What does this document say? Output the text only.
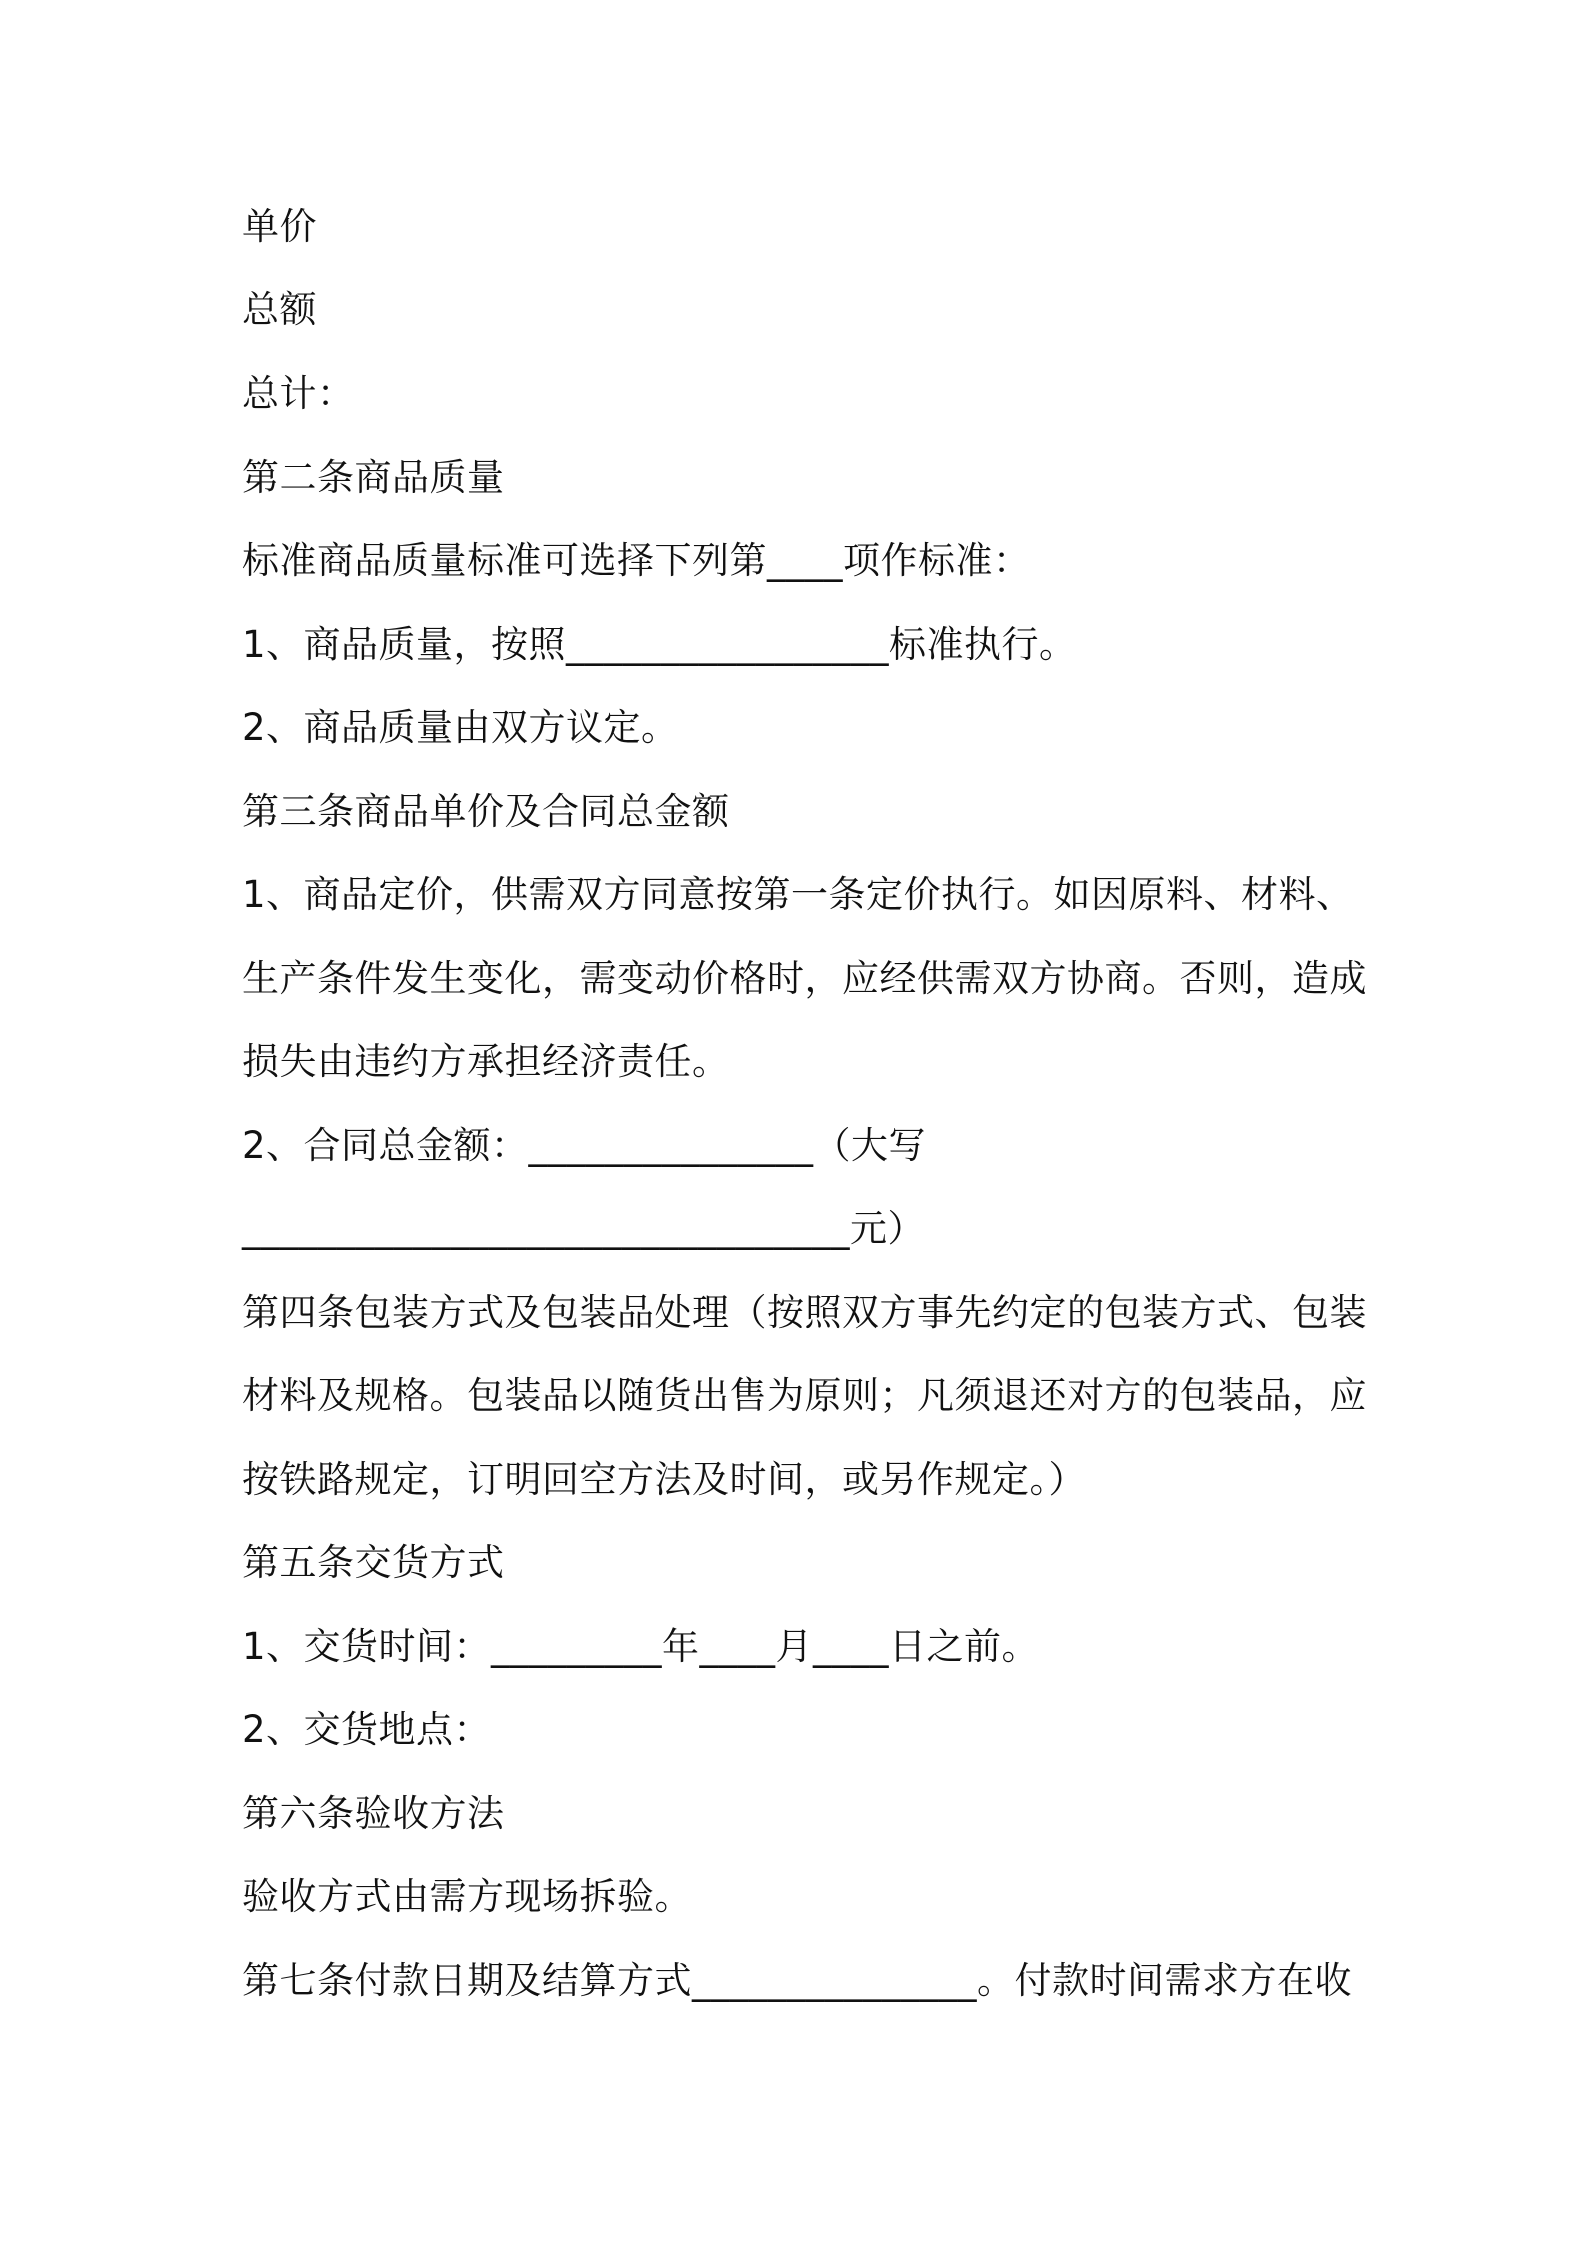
单价
总额
总计：
第二条商品质量
标准商品质量标准可选择下列第____项作标准：
1、商品质量，按照_________________标准执行。
2、商品质量由双方议定。
第三条商品单价及合同总金额
1、商品定价，供需双方同意按第一条定价执行。如因原料、材料、
生产条件发生变化，需变动价格时，应经供需双方协商。否则，造成
损失由违约方承担经济责任。
2、合同总金额：_______________（大写
________________________________元）
第四条包装方式及包装品处理（按照双方事先约定的包装方式、包装
材料及规格。包装品以随货出售为原则；凡须退还对方的包装品，应
按铁路规定，订明回空方法及时间，或另作规定。）
第五条交货方式
1、交货时间：_________年____月____日之前。
2、交货地点：
第六条验收方法
验收方式由需方现场拆验。
第七条付款日期及结算方式_______________。付款时间需求方在收
